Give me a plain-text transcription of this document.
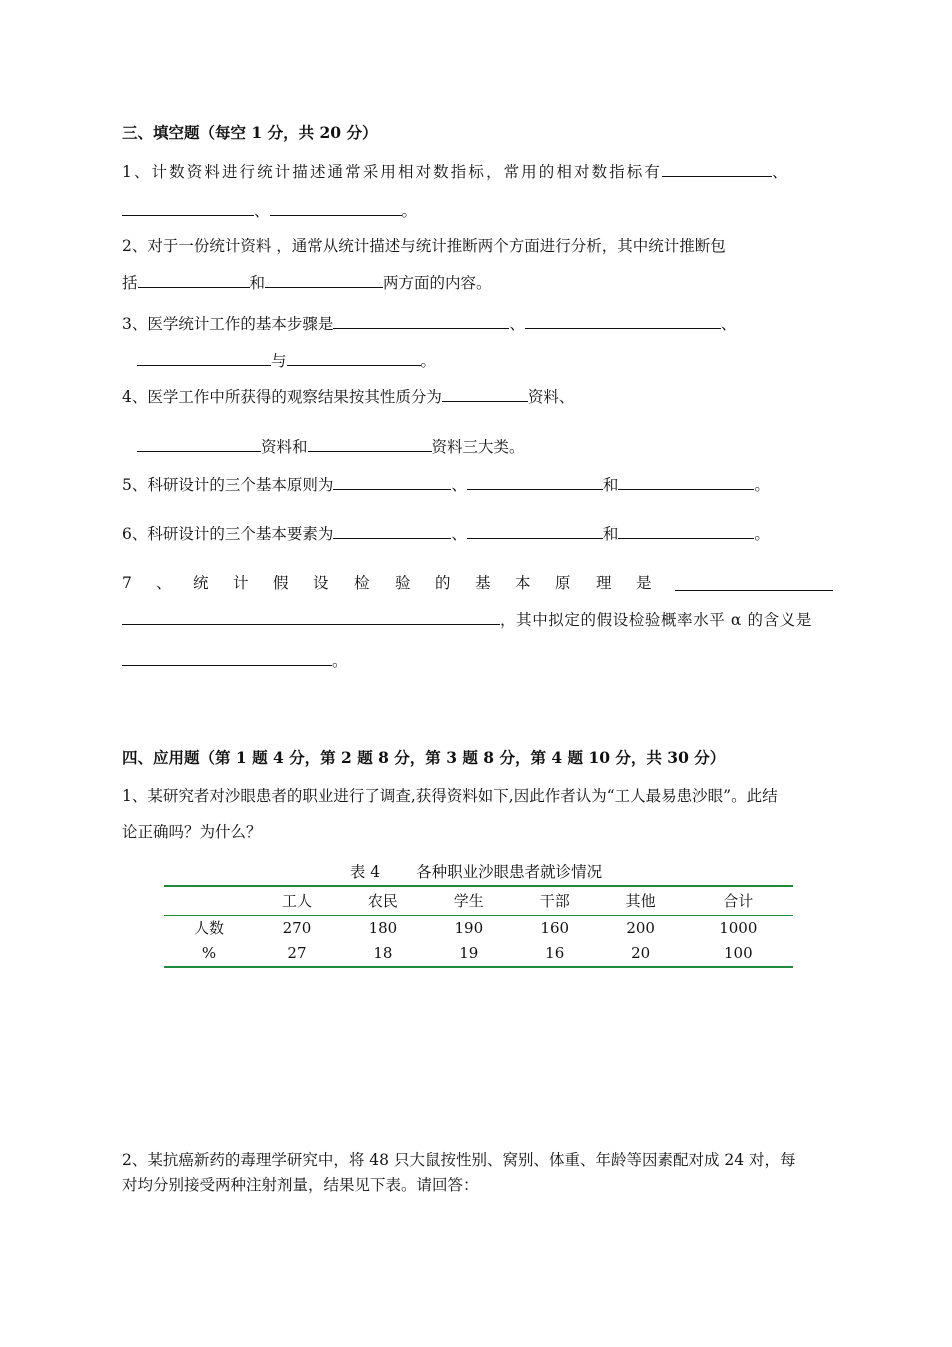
三、填空题（每空 1 分，共 20 分）
1、计数资料进行统计描述通常采用相对数指标，常用的相对数指标有	、
、	。
2、对于一份统计资料 ，通常从统计描述与统计推断两个方面进行分析，其中统计推断包
括	和	两方面的内容。
3、医学统计工作的基本步骤是	、	、
与	。
4、医学工作中所获得的观察结果按其性质分为	资料、
资料和	资料三大类。
5、科研设计的三个基本原则为	、	和	。
6、科研设计的三个基本要素为	、	和	。
7 、 统 计 假 设 检 验 的 基 本 原 理 是
，其中拟定的假设检验概率水平 α 的含义是
。
四、应用题（第 1 题 4 分，第 2 题 8 分，第 3 题 8 分，第 4 题 10 分，共 30 分）
1、某研究者对沙眼患者的职业进行了调查,获得资料如下,因此作者认为“工人最易患沙眼”。此结
论正确吗？为什么？
表 4 各种职业沙眼患者就诊情况
	工人	农民	学生	干部	其他	合计
人数	270	180	190	160	200	1000
%	27	18	19	16	20	100
2、某抗癌新药的毒理学研究中，将 48 只大鼠按性别、窝别、体重、年龄等因素配对成 24 对，每
对均分别接受两种注射剂量，结果见下表。请回答：
